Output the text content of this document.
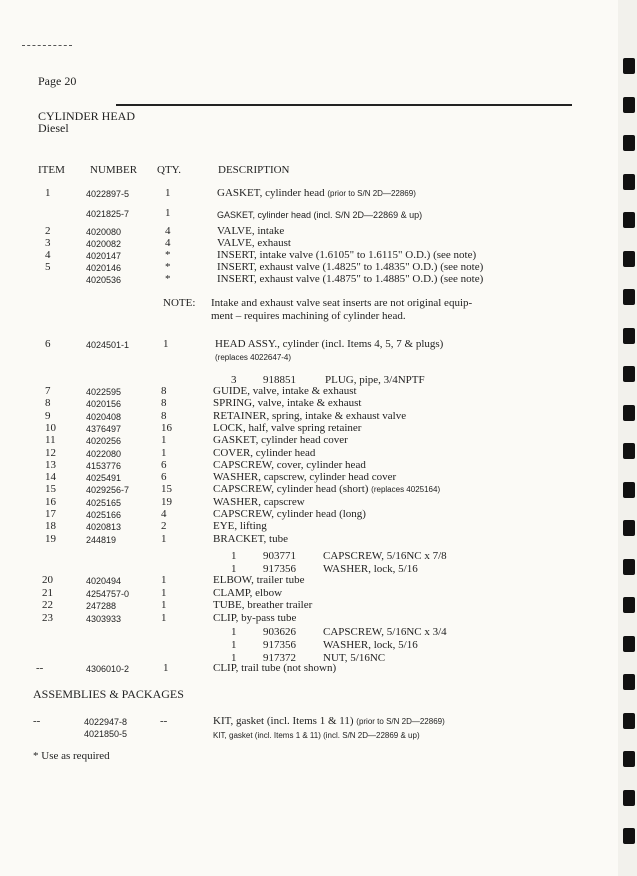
Page 20
CYLINDER HEAD
Diesel
ITEM NUMBER QTY.	DESCRIPTION
1	4022897-5	1	GASKET, cylinder head (prior to S/N 2D—22869)
4021825-7	1	GASKET, cylinder head (incl. S/N 2D—22869 & up)
2	4020080	4	VALVE, intake
3	4020082	4	VALVE, exhaust
4	4020147	*	INSERT, intake valve (1.6105" to 1.6115" O.D.) (see note)
5	4020146	*	INSERT, exhaust valve (1.4825" to 1.4835" O.D.) (see note)
4020536	*	INSERT, exhaust valve (1.4875" to 1.4885" O.D.) (see note)
NOTE: Intake and exhaust valve seat inserts are not original equip-
ment – requires machining of cylinder head.
6	4024501-1	1	HEAD ASSY., cylinder (incl. Items 4, 5, 7 & plugs)
(replaces 4022647-4)
3 918851	PLUG, pipe, 3/4NPTF
7	4022595	8	GUIDE, valve, intake & exhaust
8	4020156	8	SPRING, valve, intake & exhaust
9	4020408	8	RETAINER, spring, intake & exhaust valve
10	4376497	16	LOCK, half, valve spring retainer
11	4020256	1	GASKET, cylinder head cover
12	4022080	1	COVER, cylinder head
13	4153776	6	CAPSCREW, cover, cylinder head
14	4025491	6	WASHER, capscrew, cylinder head cover
15	4029256-7	15	CAPSCREW, cylinder head (short) (replaces 4025164)
16	4025165	19	WASHER, capscrew
17	4025166	4	CAPSCREW, cylinder head (long)
18	4020813	2	EYE, lifting
19	244819	1	BRACKET, tube
1 903771 CAPSCREW, 5/16NC x 7/8
1 917356 WASHER, lock, 5/16
20	4020494	1	ELBOW, trailer tube
21	4254757-0	1	CLAMP, elbow
22	247288	1	TUBE, breather trailer
23	4303933	1	CLIP, by-pass tube
1 903626 CAPSCREW, 5/16NC x 3/4
1 917356 WASHER, lock, 5/16
1 917372 NUT, 5/16NC
--	4306010-2	1	CLIP, trail tube (not shown)
ASSEMBLIES & PACKAGES
--	4022947-8	--	KIT, gasket (incl. Items 1 & 11) (prior to S/N 2D—22869)
4021850-5	KIT, gasket (incl. Items 1 & 11) (incl. S/N 2D—22869 & up)
* Use as required
